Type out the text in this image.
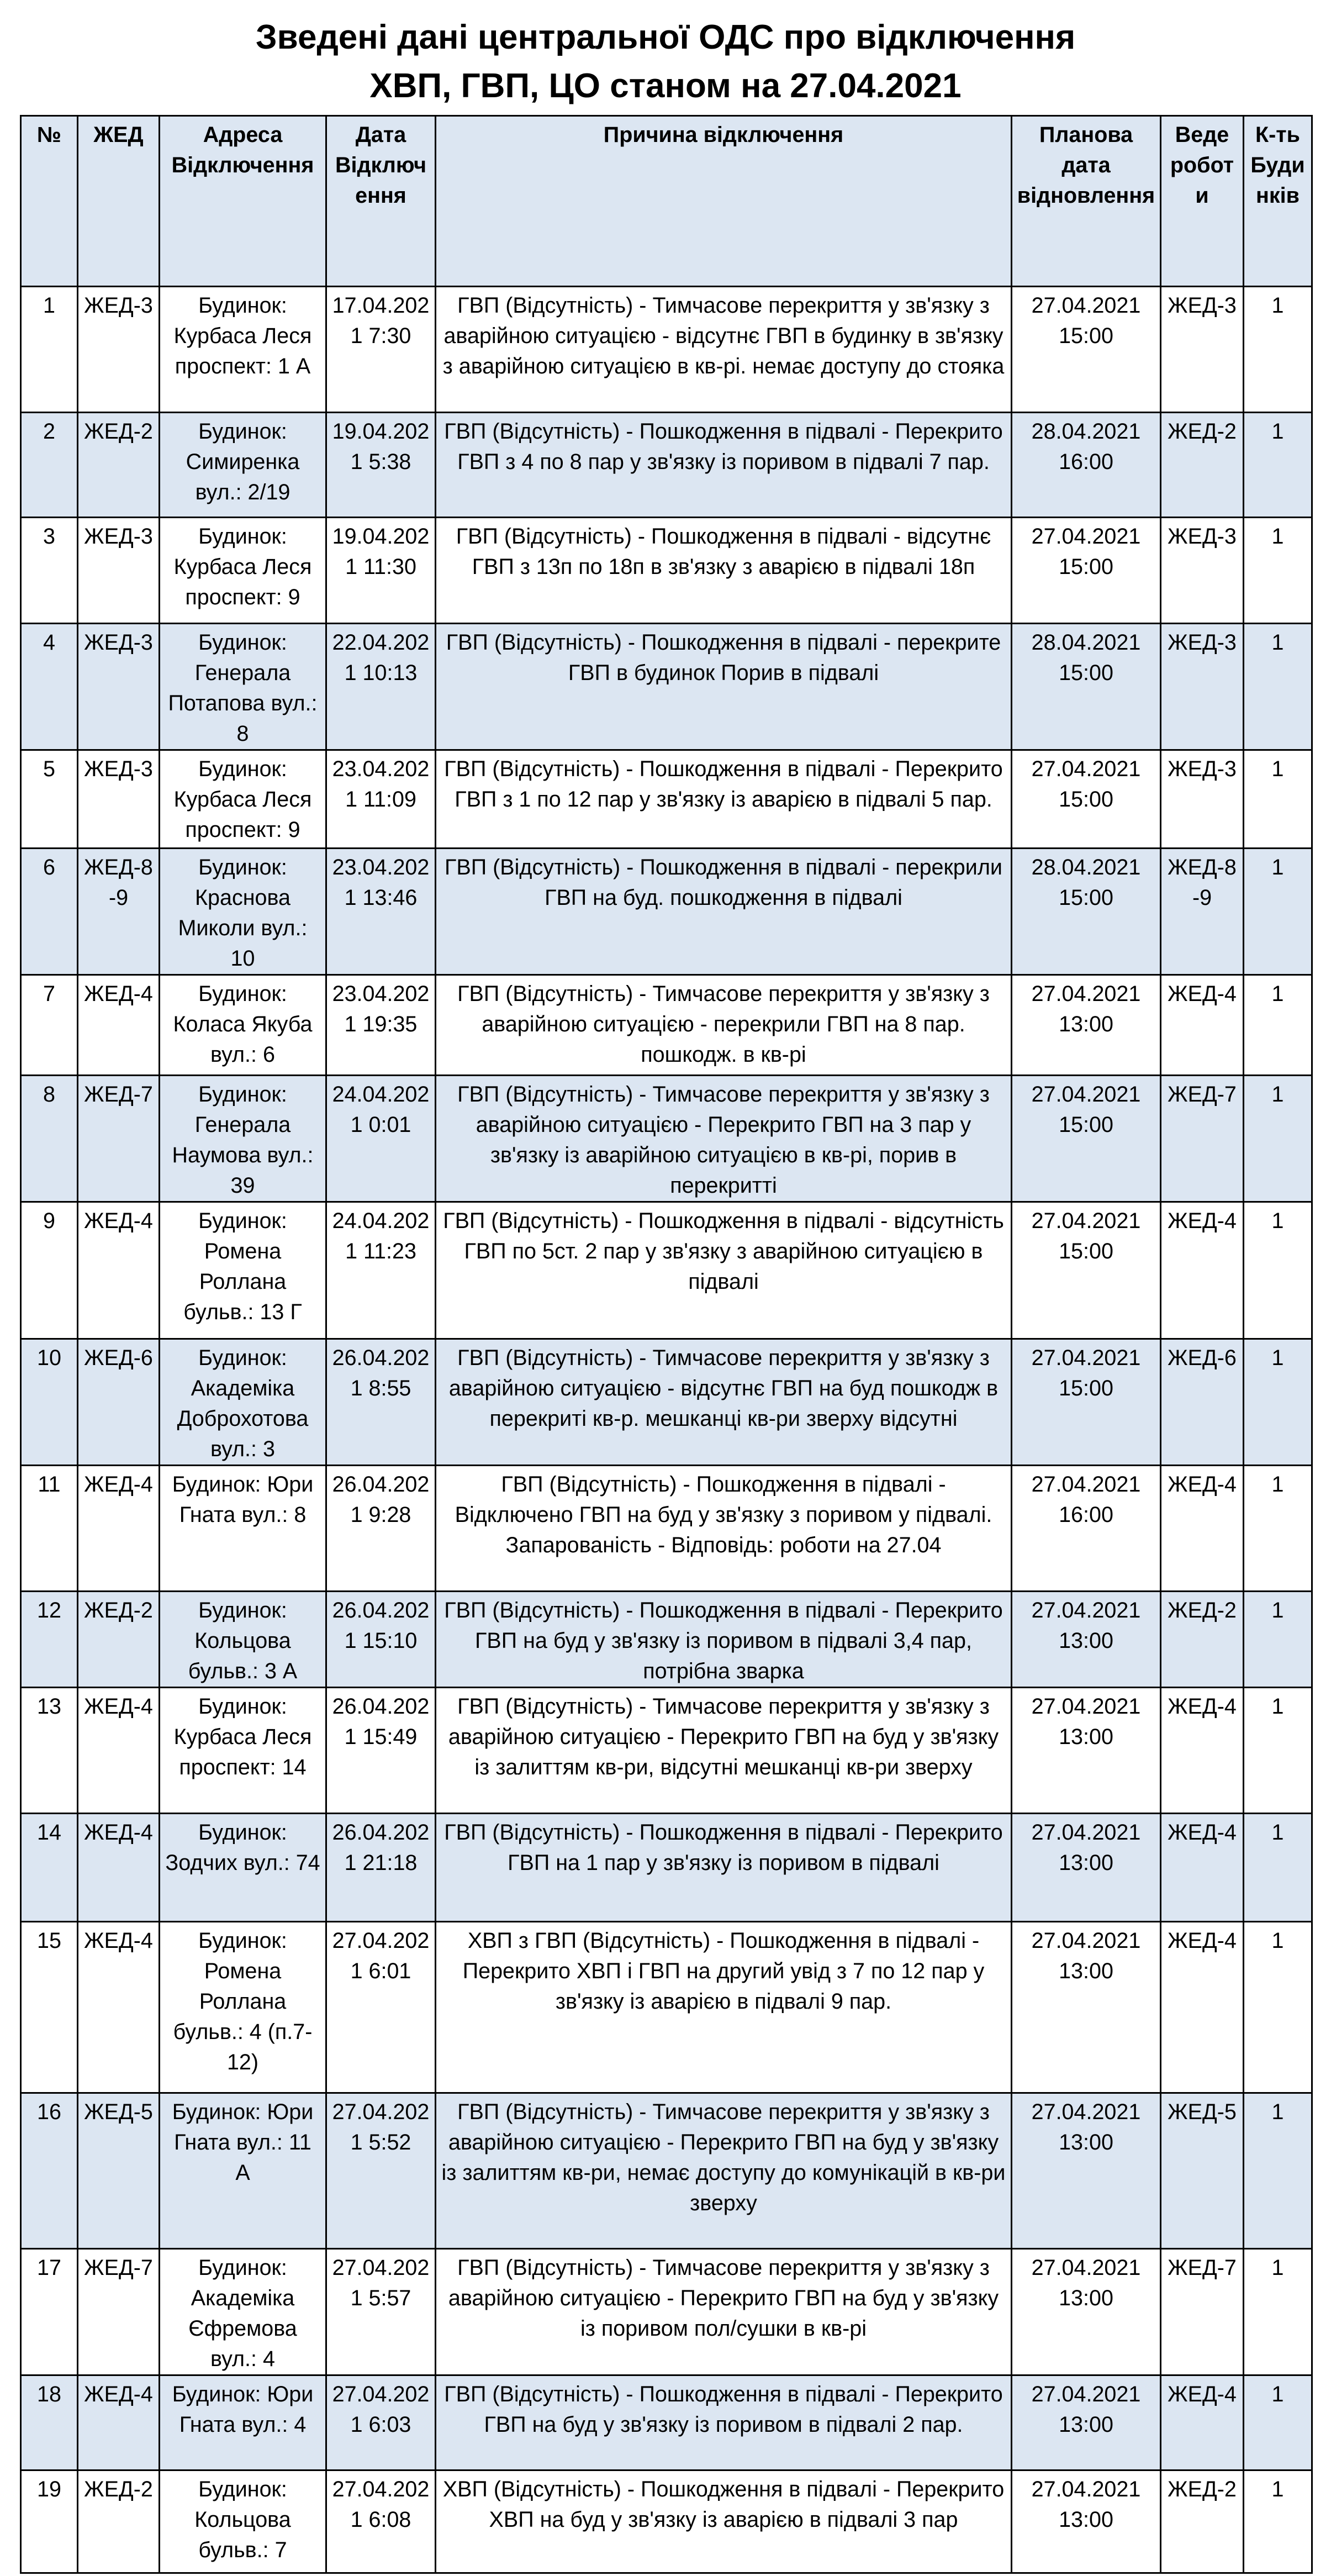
Зведені дані центральної ОДС про відключення
ХВП, ГВП, ЦО станом на 27.04.2021
№	ЖЕД	Адреса Відключення	Дата Відключення	Причина відключення	Планова дата відновлення	Веде робот и	К-ть Будинків
1	ЖЕД-3	Будинок: Курбаса Леся проспект: 1 А	17.04.2021 7:30	ГВП (Відсутність) - Тимчасове перекриття у зв'язку з аварійною ситуацією - відсутнє ГВП в будинку в зв'язку з аварійною ситуацією в кв-рі. немає доступу до стояка	27.04.2021 15:00	ЖЕД-3	1
2	ЖЕД-2	Будинок: Симиренка вул.: 2/19	19.04.2021 5:38	ГВП (Відсутність) - Пошкодження в підвалі - Перекрито ГВП з 4 по 8 пар у зв'язку із поривом в підвалі 7 пар.	28.04.2021 16:00	ЖЕД-2	1
3	ЖЕД-3	Будинок: Курбаса Леся проспект: 9	19.04.2021 11:30	ГВП (Відсутність) - Пошкодження в підвалі - відсутнє ГВП з 13п по 18п в зв'язку з аварією в підвалі 18п	27.04.2021 15:00	ЖЕД-3	1
4	ЖЕД-3	Будинок: Генерала Потапова вул.: 8	22.04.2021 10:13	ГВП (Відсутність) - Пошкодження в підвалі - перекрите ГВП в будинок Порив в підвалі	28.04.2021 15:00	ЖЕД-3	1
5	ЖЕД-3	Будинок: Курбаса Леся проспект: 9	23.04.2021 11:09	ГВП (Відсутність) - Пошкодження в підвалі - Перекрито ГВП з 1 по 12 пар у зв'язку із аварією в підвалі 5 пар.	27.04.2021 15:00	ЖЕД-3	1
6	ЖЕД-8-9	Будинок: Краснова Миколи вул.: 10	23.04.2021 13:46	ГВП (Відсутність) - Пошкодження в підвалі - перекрили ГВП на буд. пошкодження в підвалі	28.04.2021 15:00	ЖЕД-8-9	1
7	ЖЕД-4	Будинок: Коласа Якуба вул.: 6	23.04.2021 19:35	ГВП (Відсутність) - Тимчасове перекриття у зв'язку з аварійною ситуацією - перекрили ГВП на 8 пар. пошкодж. в кв-рі	27.04.2021 13:00	ЖЕД-4	1
8	ЖЕД-7	Будинок: Генерала Наумова вул.: 39	24.04.2021 0:01	ГВП (Відсутність) - Тимчасове перекриття у зв'язку з аварійною ситуацією - Перекрито ГВП на 3 пар у зв'язку із аварійною ситуацією в кв-рі, порив в перекритті	27.04.2021 15:00	ЖЕД-7	1
9	ЖЕД-4	Будинок: Ромена Роллана бульв.: 13 Г	24.04.2021 11:23	ГВП (Відсутність) - Пошкодження в підвалі - відсутність ГВП по 5ст. 2 пар у зв'язку з аварійною ситуацією в підвалі	27.04.2021 15:00	ЖЕД-4	1
10	ЖЕД-6	Будинок: Академіка Доброхотова вул.: 3	26.04.2021 8:55	ГВП (Відсутність) - Тимчасове перекриття у зв'язку з аварійною ситуацією - відсутнє ГВП на буд пошкодж в перекриті кв-р. мешканці кв-ри зверху відсутні	27.04.2021 15:00	ЖЕД-6	1
11	ЖЕД-4	Будинок: Юри Гната вул.: 8	26.04.2021 9:28	ГВП (Відсутність) - Пошкодження в підвалі - Відключено ГВП на буд у зв'язку з поривом у підвалі. Запарованість - Відповідь: роботи на 27.04	27.04.2021 16:00	ЖЕД-4	1
12	ЖЕД-2	Будинок: Кольцова бульв.: 3 А	26.04.2021 15:10	ГВП (Відсутність) - Пошкодження в підвалі - Перекрито ГВП на буд у зв'язку із поривом в підвалі 3,4 пар, потрібна зварка	27.04.2021 13:00	ЖЕД-2	1
13	ЖЕД-4	Будинок: Курбаса Леся проспект: 14	26.04.2021 15:49	ГВП (Відсутність) - Тимчасове перекриття у зв'язку з аварійною ситуацією - Перекрито ГВП на буд у зв'язку із залиттям кв-ри, відсутні мешканці кв-ри зверху	27.04.2021 13:00	ЖЕД-4	1
14	ЖЕД-4	Будинок: Зодчих вул.: 74	26.04.2021 21:18	ГВП (Відсутність) - Пошкодження в підвалі - Перекрито ГВП на 1 пар у зв'язку із поривом в підвалі	27.04.2021 13:00	ЖЕД-4	1
15	ЖЕД-4	Будинок: Ромена Роллана бульв.: 4 (п.7-12)	27.04.2021 6:01	ХВП з ГВП (Відсутність) - Пошкодження в підвалі - Перекрито ХВП і ГВП на другий увід з 7 по 12 пар у зв'язку із аварією в підвалі 9 пар.	27.04.2021 13:00	ЖЕД-4	1
16	ЖЕД-5	Будинок: Юри Гната вул.: 11 А	27.04.2021 5:52	ГВП (Відсутність) - Тимчасове перекриття у зв'язку з аварійною ситуацією - Перекрито ГВП на буд у зв'язку із залиттям кв-ри, немає доступу до комунікацій в кв-ри зверху	27.04.2021 13:00	ЖЕД-5	1
17	ЖЕД-7	Будинок: Академіка Єфремова вул.: 4	27.04.2021 5:57	ГВП (Відсутність) - Тимчасове перекриття у зв'язку з аварійною ситуацією - Перекрито ГВП на буд у зв'язку із поривом пол/сушки в кв-рі	27.04.2021 13:00	ЖЕД-7	1
18	ЖЕД-4	Будинок: Юри Гната вул.: 4	27.04.2021 6:03	ГВП (Відсутність) - Пошкодження в підвалі - Перекрито ГВП на буд у зв'язку із поривом в підвалі 2 пар.	27.04.2021 13:00	ЖЕД-4	1
19	ЖЕД-2	Будинок: Кольцова бульв.: 7	27.04.2021 6:08	ХВП (Відсутність) - Пошкодження в підвалі - Перекрито ХВП на буд у зв'язку із аварією в підвалі 3 пар	27.04.2021 13:00	ЖЕД-2	1
